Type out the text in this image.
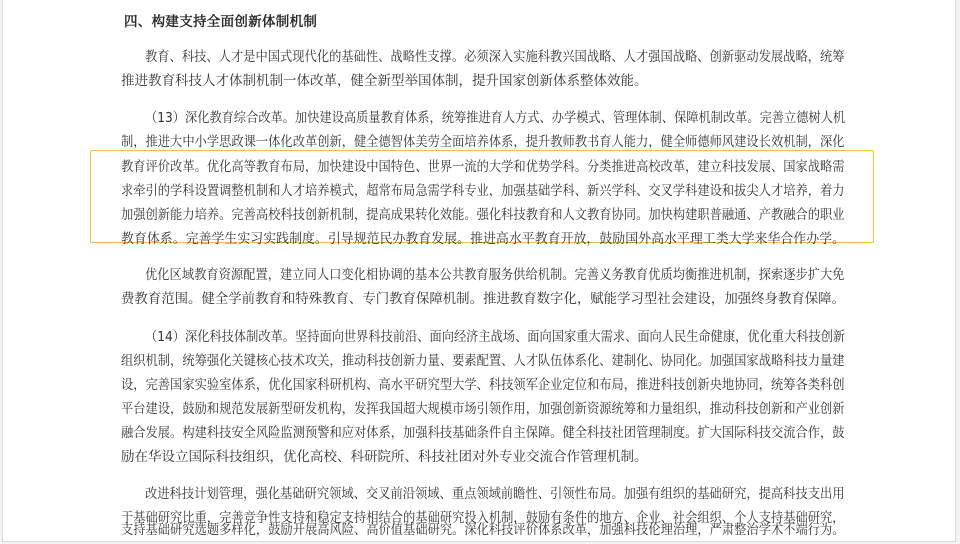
四、构建支持全面创新体制机制
教育、科技、人才是中国式现代化的基础性、战略性支撑。必须深入实施科教兴国战略、人才强国战略、创新驱动发展战略，统筹
推进教育科技人才体制机制一体改革，健全新型举国体制，提升国家创新体系整体效能。
（13）深化教育综合改革。加快建设高质量教育体系，统筹推进育人方式、办学模式、管理体制、保障机制改革。完善立德树人机
制，推进大中小学思政课一体化改革创新，健全德智体美劳全面培养体系，提升教师教书育人能力，健全师德师风建设长效机制，深化
教育评价改革。优化高等教育布局，加快建设中国特色、世界一流的大学和优势学科。分类推进高校改革，建立科技发展、国家战略需
求牵引的学科设置调整机制和人才培养模式，超常布局急需学科专业，加强基础学科、新兴学科、交叉学科建设和拔尖人才培养，着力
加强创新能力培养。完善高校科技创新机制，提高成果转化效能。强化科技教育和人文教育协同。加快构建职普融通、产教融合的职业
教育体系。完善学生实习实践制度。引导规范民办教育发展。推进高水平教育开放，鼓励国外高水平理工类大学来华合作办学。
优化区域教育资源配置，建立同人口变化相协调的基本公共教育服务供给机制。完善义务教育优质均衡推进机制，探索逐步扩大免
费教育范围。健全学前教育和特殊教育、专门教育保障机制。推进教育数字化，赋能学习型社会建设，加强终身教育保障。
（14）深化科技体制改革。坚持面向世界科技前沿、面向经济主战场、面向国家重大需求、面向人民生命健康，优化重大科技创新
组织机制，统筹强化关键核心技术攻关，推动科技创新力量、要素配置、人才队伍体系化、建制化、协同化。加强国家战略科技力量建
设，完善国家实验室体系，优化国家科研机构、高水平研究型大学、科技领军企业定位和布局，推进科技创新央地协同，统筹各类科创
平台建设，鼓励和规范发展新型研发机构，发挥我国超大规模市场引领作用，加强创新资源统筹和力量组织，推动科技创新和产业创新
融合发展。构建科技安全风险监测预警和应对体系，加强科技基础条件自主保障。健全科技社团管理制度。扩大国际科技交流合作，鼓
励在华设立国际科技组织，优化高校、科研院所、科技社团对外专业交流合作管理机制。
改进科技计划管理，强化基础研究领域、交叉前沿领域、重点领域前瞻性、引领性布局。加强有组织的基础研究，提高科技支出用
于基础研究比重，完善竞争性支持和稳定支持相结合的基础研究投入机制，鼓励有条件的地方、企业、社会组织、个人支持基础研究，
支持基础研究选题多样化，鼓励开展高风险、高价值基础研究。深化科技评价体系改革，加强科技伦理治理，严肃整治学术不端行为。
